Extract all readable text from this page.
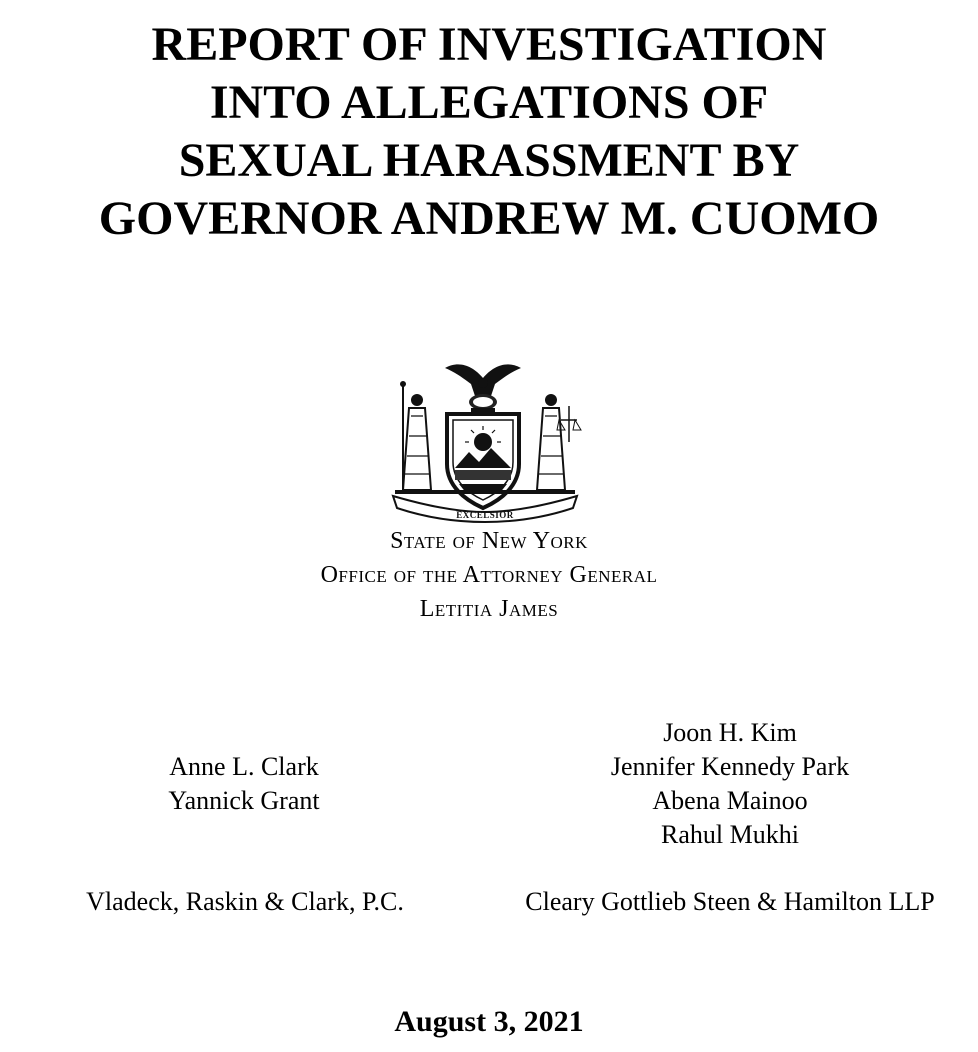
REPORT OF INVESTIGATION
INTO ALLEGATIONS OF
SEXUAL HARASSMENT BY
GOVERNOR ANDREW M. CUOMO
EXCELSIOR
State of New York
Office of the Attorney General
Letitia James
Anne L. Clark
Yannick Grant
Joon H. Kim
Jennifer Kennedy Park
Abena Mainoo
Rahul Mukhi
Vladeck, Raskin & Clark, P.C.	Cleary Gottlieb Steen & Hamilton LLP
August 3, 2021
